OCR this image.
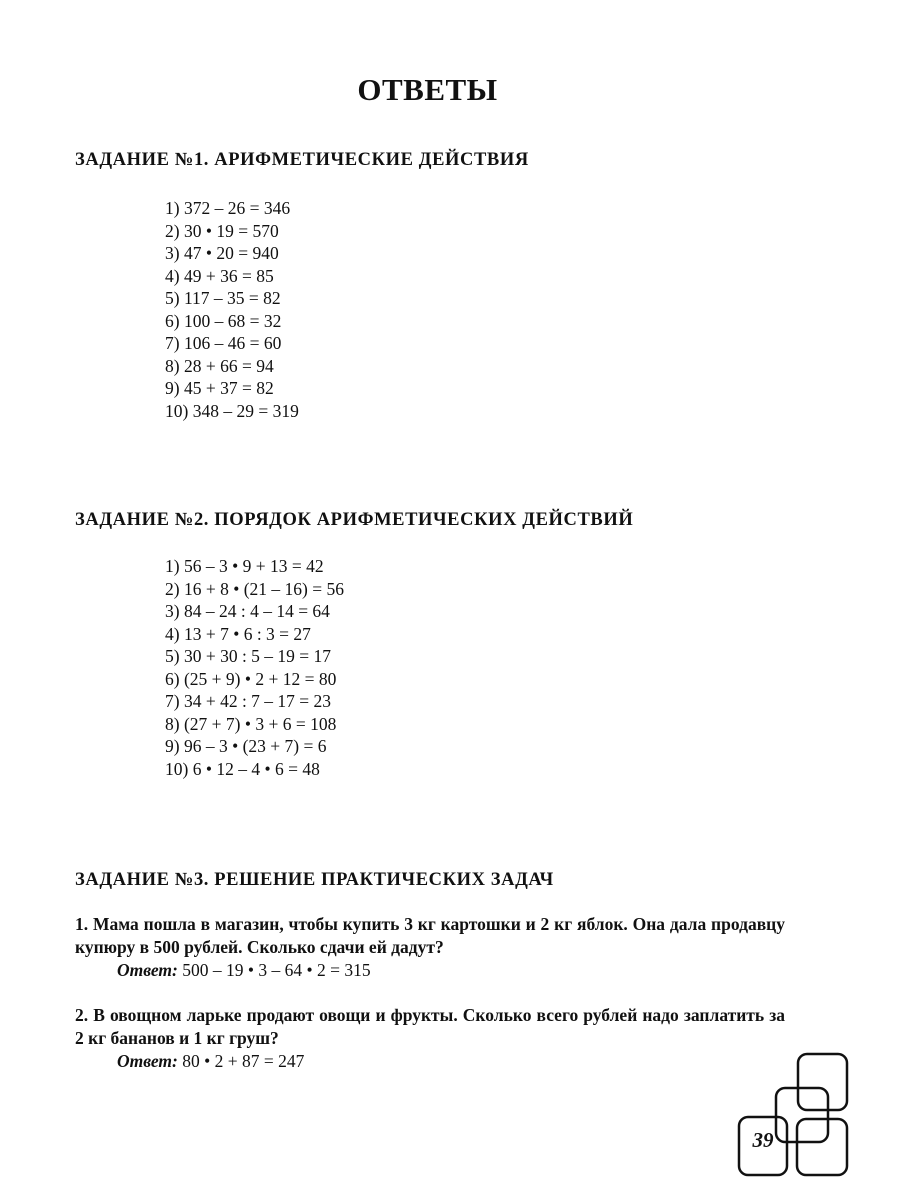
ОТВЕТЫ
ЗАДАНИЕ №1. АРИФМЕТИЧЕСКИЕ ДЕЙСТВИЯ
1) 372 – 26 = 346
2) 30 • 19 = 570
3) 47 • 20 = 940
4) 49 + 36 = 85
5) 117 – 35 = 82
6) 100 – 68 = 32
7) 106 – 46 = 60
8) 28 + 66 = 94
9) 45 + 37 = 82
10) 348 – 29 = 319
ЗАДАНИЕ №2. ПОРЯДОК АРИФМЕТИЧЕСКИХ ДЕЙСТВИЙ
1) 56 – 3 • 9 + 13 = 42
2) 16 + 8 • (21 – 16) = 56
3) 84 – 24 : 4 – 14 = 64
4) 13 + 7 • 6 : 3 = 27
5) 30 + 30 : 5 – 19 = 17
6) (25 + 9) • 2 + 12 = 80
7) 34 + 42 : 7 – 17 = 23
8) (27 + 7) • 3 + 6 = 108
9) 96 – 3 • (23 + 7) = 6
10) 6 • 12 – 4 • 6 = 48
ЗАДАНИЕ №3. РЕШЕНИЕ ПРАКТИЧЕСКИХ ЗАДАЧ
1. Мама пошла в магазин, чтобы купить 3 кг картошки и 2 кг яблок. Она дала продавцу купюру в 500 рублей. Сколько сдачи ей дадут?
Ответ: 500 – 19 • 3 – 64 • 2 = 315
2. В овощном ларьке продают овощи и фрукты. Сколько всего рублей надо заплатить за 2 кг бананов и 1 кг груш?
Ответ: 80 • 2 + 87 = 247
39
